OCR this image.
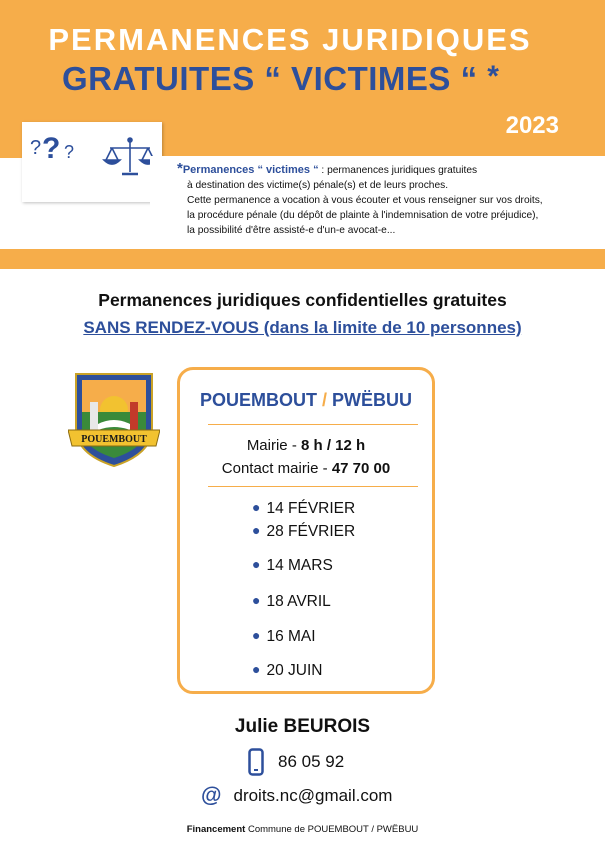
PERMANENCES JURIDIQUES
GRATUITES “ VICTIMES “ *
2023
? ? ?
*Permanences “ victimes “ : permanences juridiques gratuites
à destination des victime(s) pénale(s) et de leurs proches.
Cette permanence a vocation à vous écouter et vous renseigner sur vos droits,
la procédure pénale (du dépôt de plainte à l'indemnisation de votre préjudice),
la possibilité d'être assisté-e d'un-e avocat-e...
Permanences juridiques confidentielles gratuites
SANS RENDEZ-VOUS (dans la limite de 10 personnes)
POUEMBOUT
POUEMBOUT / PWËBUU
Mairie - 8 h / 12 h
Contact mairie - 47 70 00
● 14 FÉVRIER
● 28 FÉVRIER
● 14 MARS
● 18 AVRIL
● 16 MAI
● 20 JUIN
Julie BEUROIS
86 05 92
@ droits.nc@gmail.com
Financement Commune de POUEMBOUT / PWËBUU
